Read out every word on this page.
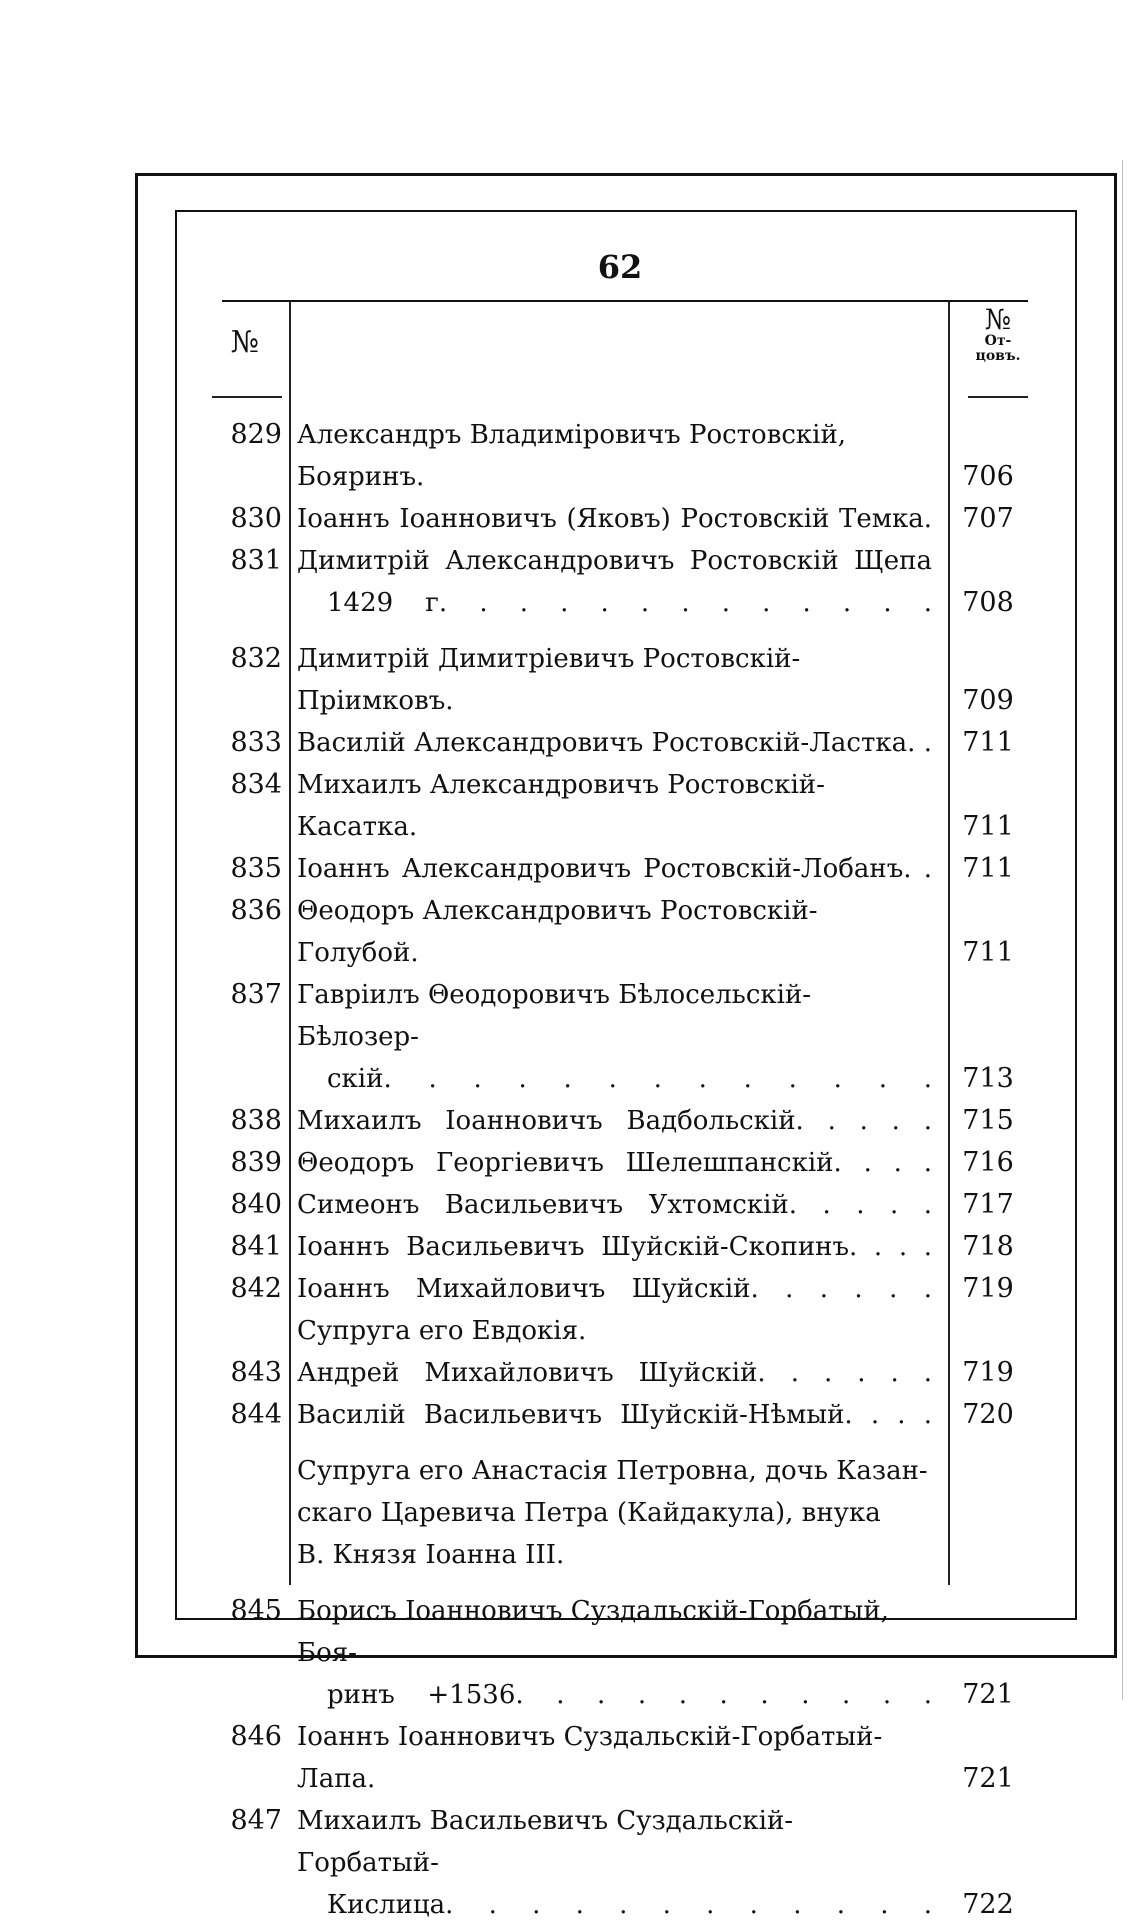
62
№
№
От-
цовъ.
829 Александръ Владимiровичъ Ростовскiй, Бояринъ.	706
830 Iоаннъ Iоанновичъ (Яковъ) Ростовскiй Темка.	707
831 Димитрiй Александровичъ Ростовскiй Щепа
1429 г. . . . . . . . . . . . .	708
832 Димитрiй Димитрiевичъ Ростовскiй-Прiимковъ.	709
833 Василiй Александровичъ Ростовскiй-Ластка. .	711
834 Михаилъ Александровичъ Ростовскiй-Касатка.	711
835 Iоаннъ Александровичъ Ростовскiй-Лобанъ. .	711
836 Θеодоръ Александровичъ Ростовскiй-Голубой.	711
837 Гаврiилъ Θеодоровичъ Бѣлосельскiй-Бѣлозер-
скiй. . . . . . . . . . . . .	713
838 Михаилъ Iоанновичъ Вадбольскiй. . . . .	715
839 Θеодоръ Георгiевичъ Шелешпанскiй. . . .	716
840 Симеонъ Васильевичъ Ухтомскiй. . . . .	717
841 Iоаннъ Васильевичъ Шуйскiй-Скопинъ. . . .	718
842 Iоаннъ Михайловичъ Шуйскiй. . . . . .	719
Супруга его Евдокiя.
843 Андрей Михайловичъ Шуйскiй. . . . . .	719
844 Василiй Васильевичъ Шуйскiй-Нѣмый. . . .	720
Супруга его Анастасiя Петровна, дочь Казан-
скаго Царевича Петра (Кайдакула), внука
В. Князя Iоанна III.
845 Борисъ Iоанновичъ Суздальскiй-Горбатый, Боя-
ринъ +1536. . . . . . . . . . .	721
846 Iоаннъ Iоанновичъ Суздальскiй-Горбатый-Лапа.	721
847 Михаилъ Васильевичъ Суздальскiй-Горбатый-
Кислица. . . . . . . . . . . .	722
